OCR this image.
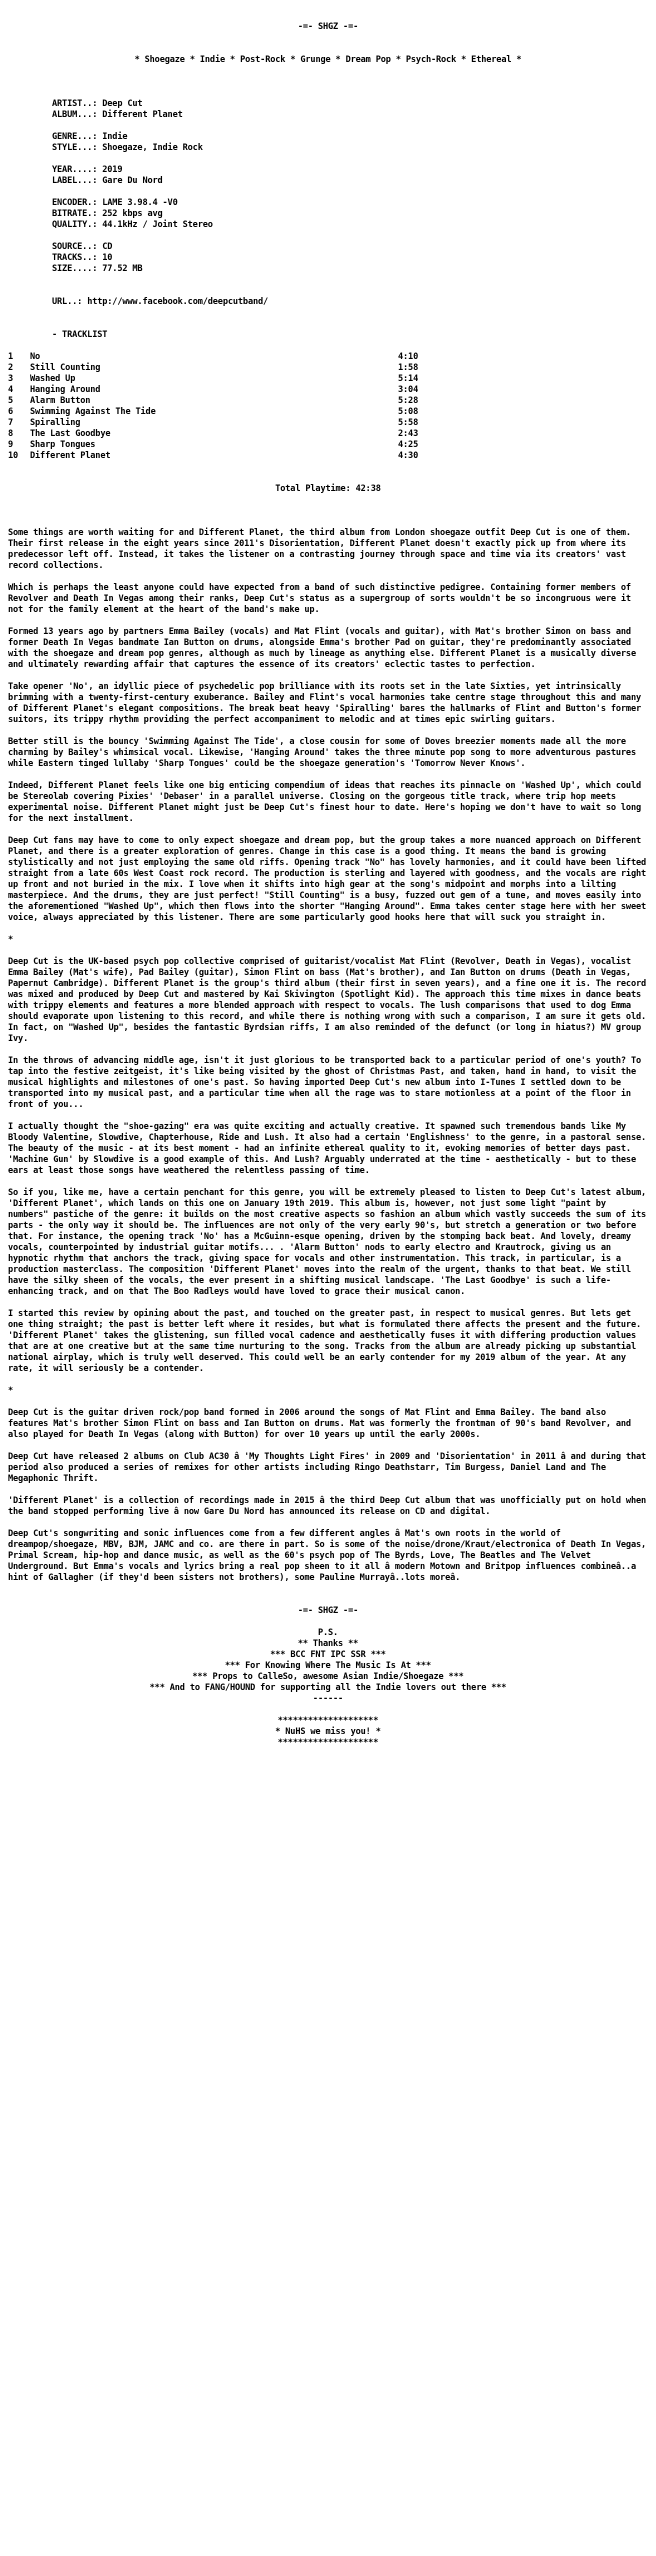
-=- SHGZ -=-
* Shoegaze * Indie * Post-Rock * Grunge * Dream Pop * Psych-Rock * Ethereal *
ARTIST..: Deep Cut
ALBUM...: Different Planet

GENRE...: Indie
STYLE...: Shoegaze, Indie Rock

YEAR....: 2019
LABEL...: Gare Du Nord

ENCODER.: LAME 3.98.4 -V0
BITRATE.: 252 kbps avg
QUALITY.: 44.1kHz / Joint Stereo

SOURCE..: CD
TRACKS..: 10
SIZE....: 77.52 MB
URL..: http://www.facebook.com/deepcutband/
- TRACKLIST
1	No	4:10
2	Still Counting	1:58
3	Washed Up	5:14
4	Hanging Around	3:04
5	Alarm Button	5:28
6	Swimming Against The Tide	5:08
7	Spiralling	5:58
8	The Last Goodbye	2:43
9	Sharp Tongues	4:25
10	Different Planet	4:30
Total Playtime: 42:38

Some things are worth waiting for and Different Planet, the third album from London shoegaze outfit Deep Cut is one of them. Their first release in the eight years since 2011's Disorientation, Different Planet doesn't exactly pick up from where its predecessor left off. Instead, it takes the listener on a contrasting journey through space and time via its creators' vast record collections.

Which is perhaps the least anyone could have expected from a band of such distinctive pedigree. Containing former members of Revolver and Death In Vegas among their ranks, Deep Cut's status as a supergroup of sorts wouldn't be so incongruous were it not for the family element at the heart of the band's make up.

Formed 13 years ago by partners Emma Bailey (vocals) and Mat Flint (vocals and guitar), with Mat's brother Simon on bass and former Death In Vegas bandmate Ian Button on drums, alongside Emma's brother Pad on guitar, they're predominantly associated with the shoegaze and dream pop genres, although as much by lineage as anything else. Different Planet is a musically diverse and ultimately rewarding affair that captures the essence of its creators' eclectic tastes to perfection.

Take opener 'No', an idyllic piece of psychedelic pop brilliance with its roots set in the late Sixties, yet intrinsically brimming with a twenty-first-century exuberance. Bailey and Flint's vocal harmonies take centre stage throughout this and many of Different Planet's elegant compositions. The break beat heavy 'Spiralling' bares the hallmarks of Flint and Button's former suitors, its trippy rhythm providing the perfect accompaniment to melodic and at times epic swirling guitars.

Better still is the bouncy 'Swimming Against The Tide', a close cousin for some of Doves breezier moments made all the more charming by Bailey's whimsical vocal. Likewise, 'Hanging Around' takes the three minute pop song to more adventurous pastures while Eastern tinged lullaby 'Sharp Tongues' could be the shoegaze generation's 'Tomorrow Never Knows'.

Indeed, Different Planet feels like one big enticing compendium of ideas that reaches its pinnacle on 'Washed Up', which could be Stereolab covering Pixies' 'Debaser' in a parallel universe. Closing on the gorgeous title track, where trip hop meets experimental noise. Different Planet might just be Deep Cut's finest hour to date. Here's hoping we don't have to wait so long for the next installment.

Deep Cut fans may have to come to only expect shoegaze and dream pop, but the group takes a more nuanced approach on Different Planet, and there is a greater exploration of genres. Change in this case is a good thing. It means the band is growing stylistically and not just employing the same old riffs. Opening track "No" has lovely harmonies, and it could have been lifted straight from a late 60s West Coast rock record. The production is sterling and layered with goodness, and the vocals are right up front and not buried in the mix. I love when it shifts into high gear at the song's midpoint and morphs into a lilting masterpiece. And the drums, they are just perfect! "Still Counting" is a busy, fuzzed out gem of a tune, and moves easily into the aforementioned "Washed Up", which then flows into the shorter "Hanging Around". Emma takes center stage here with her sweet voice, always appreciated by this listener. There are some particularly good hooks here that will suck you straight in.

*

Deep Cut is the UK-based psych pop collective comprised of guitarist/vocalist Mat Flint (Revolver, Death in Vegas), vocalist Emma Bailey (Mat's wife), Pad Bailey (guitar), Simon Flint on bass (Mat's brother), and Ian Button on drums (Death in Vegas, Papernut Cambridge). Different Planet is the group's third album (their first in seven years), and a fine one it is. The record was mixed and produced by Deep Cut and mastered by Kai Skivington (Spotlight Kid). The approach this time mixes in dance beats with trippy elements and features a more blended approach with respect to vocals. The lush comparisons that used to dog Emma should evaporate upon listening to this record, and while there is nothing wrong with such a comparison, I am sure it gets old. In fact, on "Washed Up", besides the fantastic Byrdsian riffs, I am also reminded of the defunct (or long in hiatus?) MV group Ivy.

In the throws of advancing middle age, isn't it just glorious to be transported back to a particular period of one's youth? To tap into the festive zeitgeist, it's like being visited by the ghost of Christmas Past, and taken, hand in hand, to visit the musical highlights and milestones of one's past. So having imported Deep Cut's new album into I-Tunes I settled down to be transported into my musical past, and a particular time when all the rage was to stare motionless at a point of the floor in front of you...

I actually thought the "shoe-gazing" era was quite exciting and actually creative. It spawned such tremendous bands like My Bloody Valentine, Slowdive, Chapterhouse, Ride and Lush. It also had a certain 'Englishness' to the genre, in a pastoral sense. The beauty of the music - at its best moment - had an infinite ethereal quality to it, evoking memories of better days past. 'Machine Gun' by Slowdive is a good example of this. And Lush? Arguably underrated at the time - aesthetically - but to these ears at least those songs have weathered the relentless passing of time.

So if you, like me, have a certain penchant for this genre, you will be extremely pleased to listen to Deep Cut's latest album, 'Different Planet', which lands on this one on January 19th 2019. This album is, however, not just some light "paint by numbers" pastiche of the genre: it builds on the most creative aspects so fashion an album which vastly succeeds the sum of its parts - the only way it should be. The influences are not only of the very early 90's, but stretch a generation or two before that. For instance, the opening track 'No' has a McGuinn-esque opening, driven by the stomping back beat. And lovely, dreamy vocals, counterpointed by industrial guitar motifs... . 'Alarm Button' nods to early electro and Krautrock, giving us an hypnotic rhythm that anchors the track, giving space for vocals and other instrumentation. This track, in particular, is a production masterclass. The composition 'Different Planet' moves into the realm of the urgent, thanks to that beat. We still have the silky sheen of the vocals, the ever present in a shifting musical landscape. 'The Last Goodbye' is such a life-enhancing track, and on that The Boo Radleys would have loved to grace their musical canon.

I started this review by opining about the past, and touched on the greater past, in respect to musical genres. But lets get one thing straight; the past is better left where it resides, but what is formulated there affects the present and the future. 'Different Planet' takes the glistening, sun filled vocal cadence and aesthetically fuses it with differing production values that are at one creative but at the same time nurturing to the song. Tracks from the album are already picking up substantial national airplay, which is truly well deserved. This could well be an early contender for my 2019 album of the year. At any rate, it will seriously be a contender.

*

Deep Cut is the guitar driven rock/pop band formed in 2006 around the songs of Mat Flint and Emma Bailey. The band also features Mat's brother Simon Flint on bass and Ian Button on drums. Mat was formerly the frontman of 90's band Revolver, and also played for Death In Vegas (along with Button) for over 10 years up until the early 2000s.

Deep Cut have released 2 albums on Club AC30 â 'My Thoughts Light Fires' in 2009 and 'Disorientation' in 2011 â and during that period also produced a series of remixes for other artists including Ringo Deathstarr, Tim Burgess, Daniel Land and The Megaphonic Thrift.

'Different Planet' is a collection of recordings made in 2015 â the third Deep Cut album that was unofficially put on hold when the band stopped performing live â now Gare Du Nord has announced its release on CD and digital.

Deep Cut's songwriting and sonic influences come from a few different angles â Mat's own roots in the world of dreampop/shoegaze, MBV, BJM, JAMC and co. are there in part. So is some of the noise/drone/Kraut/electronica of Death In Vegas, Primal Scream, hip-hop and dance music, as well as the 60's psych pop of The Byrds, Love, The Beatles and The Velvet Underground. But Emma's vocals and lyrics bring a real pop sheen to it all â modern Motown and Britpop influences combineâ..a hint of Gallagher (if they'd been sisters not brothers), some Pauline Murrayâ..lots moreâ.

-=- SHGZ -=-
P.S.
** Thanks **
*** BCC FNT IPC SSR ***
*** For Knowing Where The Music Is At ***
*** Props to CalleSo, awesome Asian Indie/Shoegaze ***
*** And to FANG/HOUND for supporting all the Indie lovers out there ***
------

********************
* NuHS we miss you! *
********************
